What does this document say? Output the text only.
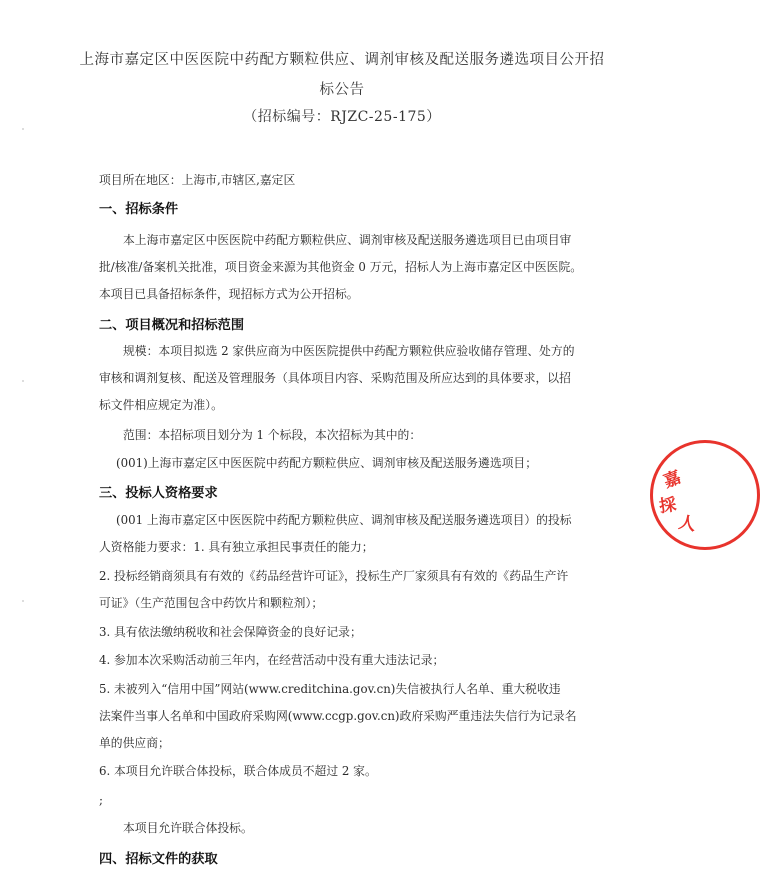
上海市嘉定区中医医院中药配方颗粒供应、调剂审核及配送服务遴选项目公开招
标公告
（招标编号：RJZC-25-175）
项目所在地区：上海市,市辖区,嘉定区
一、招标条件
本上海市嘉定区中医医院中药配方颗粒供应、调剂审核及配送服务遴选项目已由项目审
批/核准/备案机关批准，项目资金来源为其他资金 0 万元，招标人为上海市嘉定区中医医院。
本项目已具备招标条件，现招标方式为公开招标。
二、项目概况和招标范围
规模：本项目拟选 2 家供应商为中医医院提供中药配方颗粒供应验收储存管理、处方的
审核和调剂复核、配送及管理服务（具体项目内容、采购范围及所应达到的具体要求，以招
标文件相应规定为准）。
范围：本招标项目划分为 1 个标段，本次招标为其中的：
(001)上海市嘉定区中医医院中药配方颗粒供应、调剂审核及配送服务遴选项目；
三、投标人资格要求
(001 上海市嘉定区中医医院中药配方颗粒供应、调剂审核及配送服务遴选项目）的投标
人资格能力要求：1. 具有独立承担民事责任的能力；
2. 投标经销商须具有有效的《药品经营许可证》，投标生产厂家须具有有效的《药品生产许
可证》（生产范围包含中药饮片和颗粒剂）；
3. 具有依法缴纳税收和社会保障资金的良好记录；
4. 参加本次采购活动前三年内，在经营活动中没有重大违法记录；
5. 未被列入“信用中国”网站(www.creditchina.gov.cn)失信被执行人名单、重大税收违
法案件当事人名单和中国政府采购网(www.ccgp.gov.cn)政府采购严重违法失信行为记录名
单的供应商；
6. 本项目允许联合体投标，联合体成员不超过 2 家。
;
本项目允许联合体投标。
四、招标文件的获取
嘉
採
人
